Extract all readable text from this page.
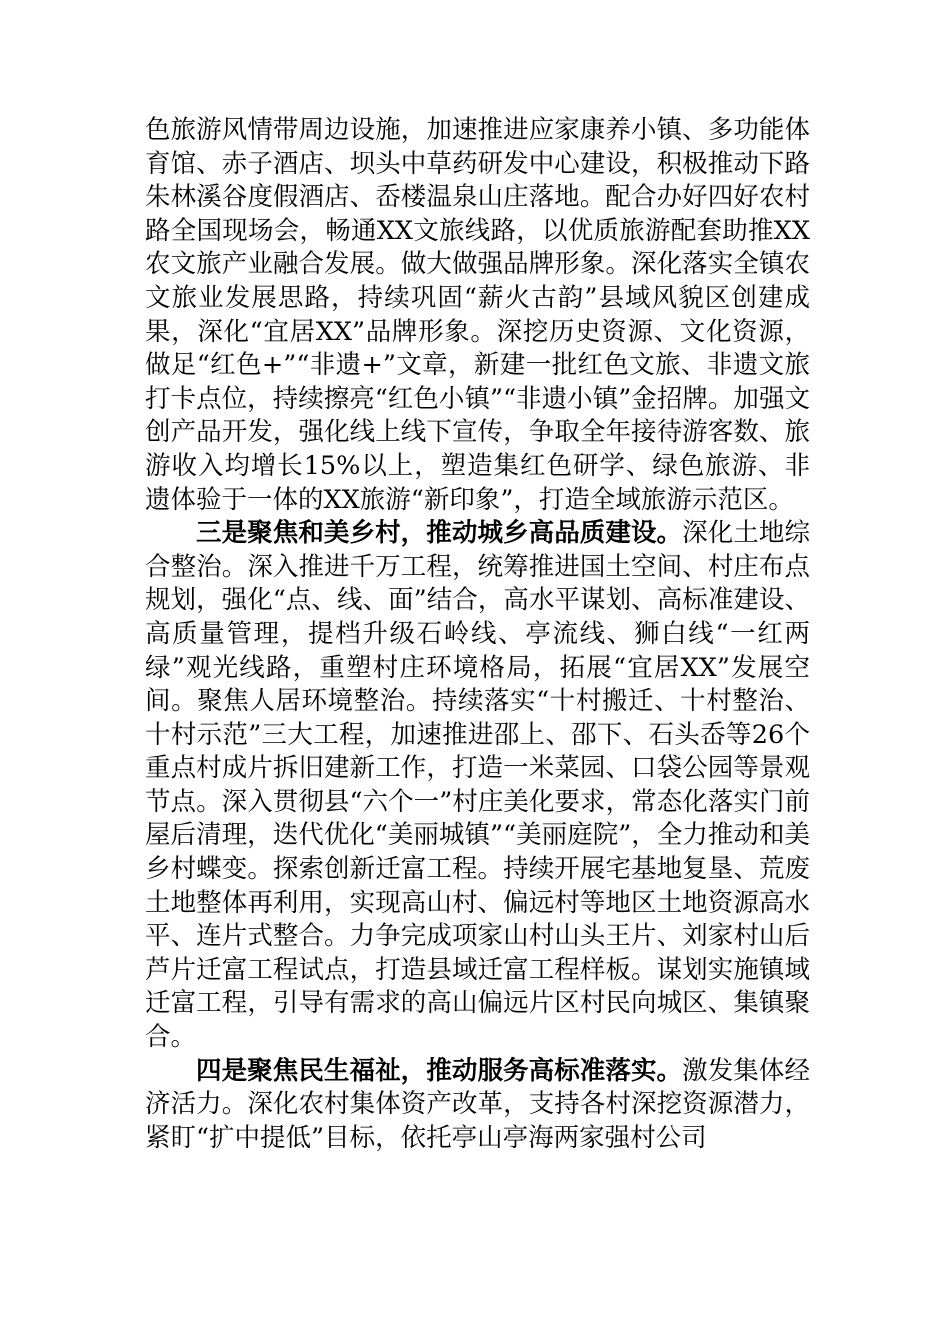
色旅游风情带周边设施，加速推进应家康养小镇、多功能体育馆、赤子酒店、坝头中草药研发中心建设，积极推动下路朱林溪谷度假酒店、岙楼温泉山庄落地。配合办好四好农村路全国现场会，畅通XX文旅线路，以优质旅游配套助推XX农文旅产业融合发展。做大做强品牌形象。深化落实全镇农文旅业发展思路，持续巩固“薪火古韵”县域风貌区创建成果，深化“宜居XX”品牌形象。深挖历史资源、文化资源，做足“红色+”“非遗+”文章，新建一批红色文旅、非遗文旅打卡点位，持续擦亮“红色小镇”“非遗小镇”金招牌。加强文创产品开发，强化线上线下宣传，争取全年接待游客数、旅游收入均增长15%以上，塑造集红色研学、绿色旅游、非遗体验于一体的XX旅游“新印象”，打造全域旅游示范区。

三是聚焦和美乡村，推动城乡高品质建设。深化土地综合整治。深入推进千万工程，统筹推进国土空间、村庄布点规划，强化“点、线、面”结合，高水平谋划、高标准建设、高质量管理，提档升级石岭线、亭流线、狮白线“一红两绿”观光线路，重塑村庄环境格局，拓展“宜居XX”发展空间。聚焦人居环境整治。持续落实“十村搬迁、十村整治、十村示范”三大工程，加速推进邵上、邵下、石头岙等26个重点村成片拆旧建新工作，打造一米菜园、口袋公园等景观节点。深入贯彻县“六个一”村庄美化要求，常态化落实门前屋后清理，迭代优化“美丽城镇”“美丽庭院”，全力推动和美乡村蝶变。探索创新迁富工程。持续开展宅基地复垦、荒废土地整体再利用，实现高山村、偏远村等地区土地资源高水平、连片式整合。力争完成项家山村山头王片、刘家村山后芦片迁富工程试点，打造县域迁富工程样板。谋划实施镇域迁富工程，引导有需求的高山偏远片区村民向城区、集镇聚合。

四是聚焦民生福祉，推动服务高标准落实。激发集体经济活力。深化农村集体资产改革，支持各村深挖资源潜力，紧盯“扩中提低”目标，依托亭山亭海两家强村公司
